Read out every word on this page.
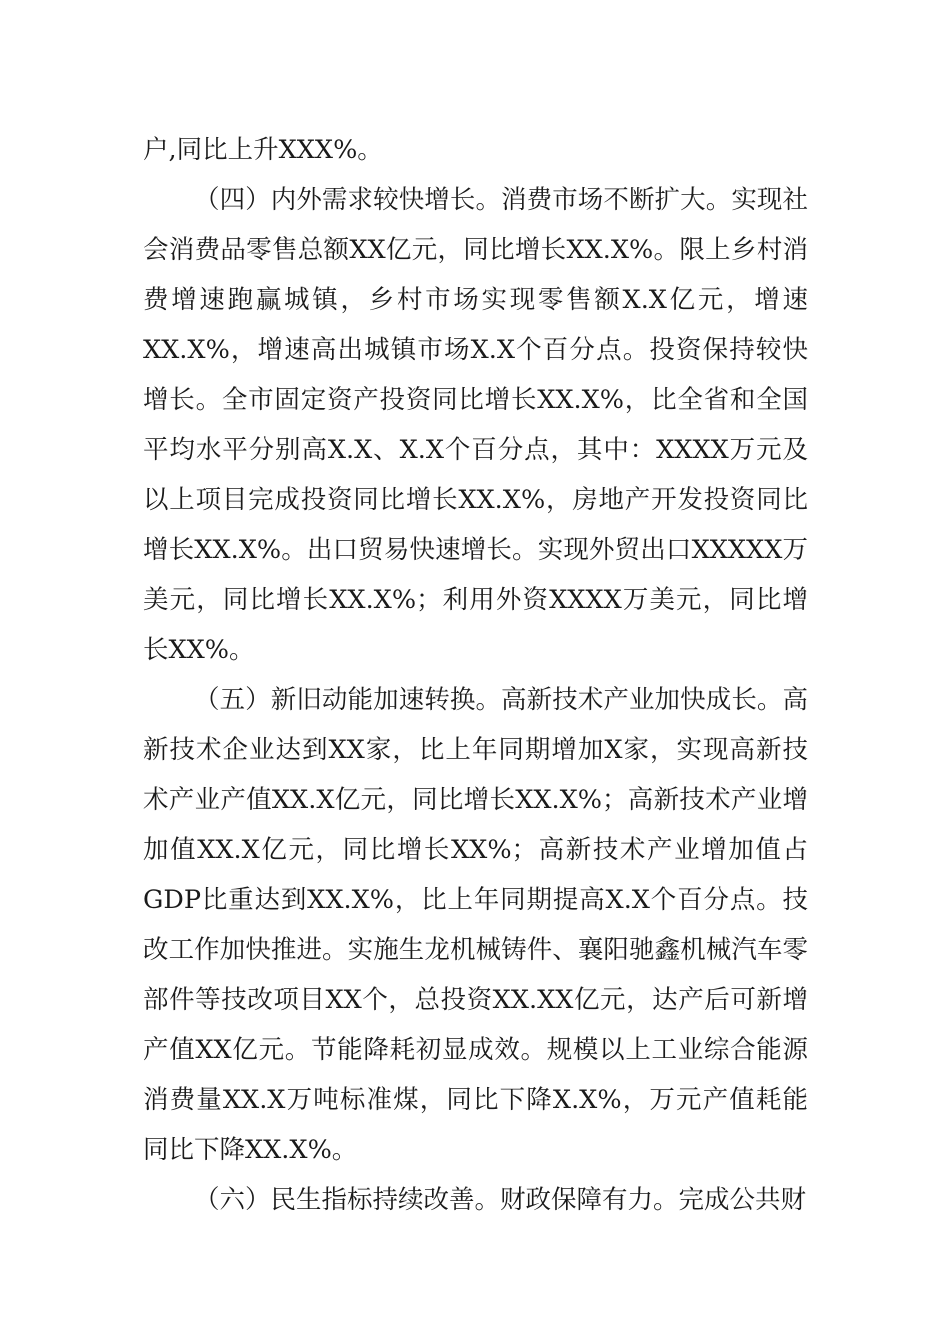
户,同比上升XXX%。

（四）内外需求较快增长。消费市场不断扩大。实现社会消费品零售总额XX亿元，同比增长XX.X%。限上乡村消费增速跑赢城镇，乡村市场实现零售额X.X亿元，增速XX.X%，增速高出城镇市场X.X个百分点。投资保持较快增长。全市固定资产投资同比增长XX.X%，比全省和全国平均水平分别高X.X、X.X个百分点，其中：XXXX万元及以上项目完成投资同比增长XX.X%，房地产开发投资同比增长XX.X%。出口贸易快速增长。实现外贸出口XXXXX万美元，同比增长XX.X%；利用外资XXXX万美元，同比增长XX%。

（五）新旧动能加速转换。高新技术产业加快成长。高新技术企业达到XX家，比上年同期增加X家，实现高新技术产业产值XX.X亿元，同比增长XX.X%；高新技术产业增加值XX.X亿元，同比增长XX%；高新技术产业增加值占GDP比重达到XX.X%，比上年同期提高X.X个百分点。技改工作加快推进。实施生龙机械铸件、襄阳驰鑫机械汽车零部件等技改项目XX个，总投资XX.XX亿元，达产后可新增产值XX亿元。节能降耗初显成效。规模以上工业综合能源消费量XX.X万吨标准煤，同比下降X.X%，万元产值耗能同比下降XX.X%。

（六）民生指标持续改善。财政保障有力。完成公共财
